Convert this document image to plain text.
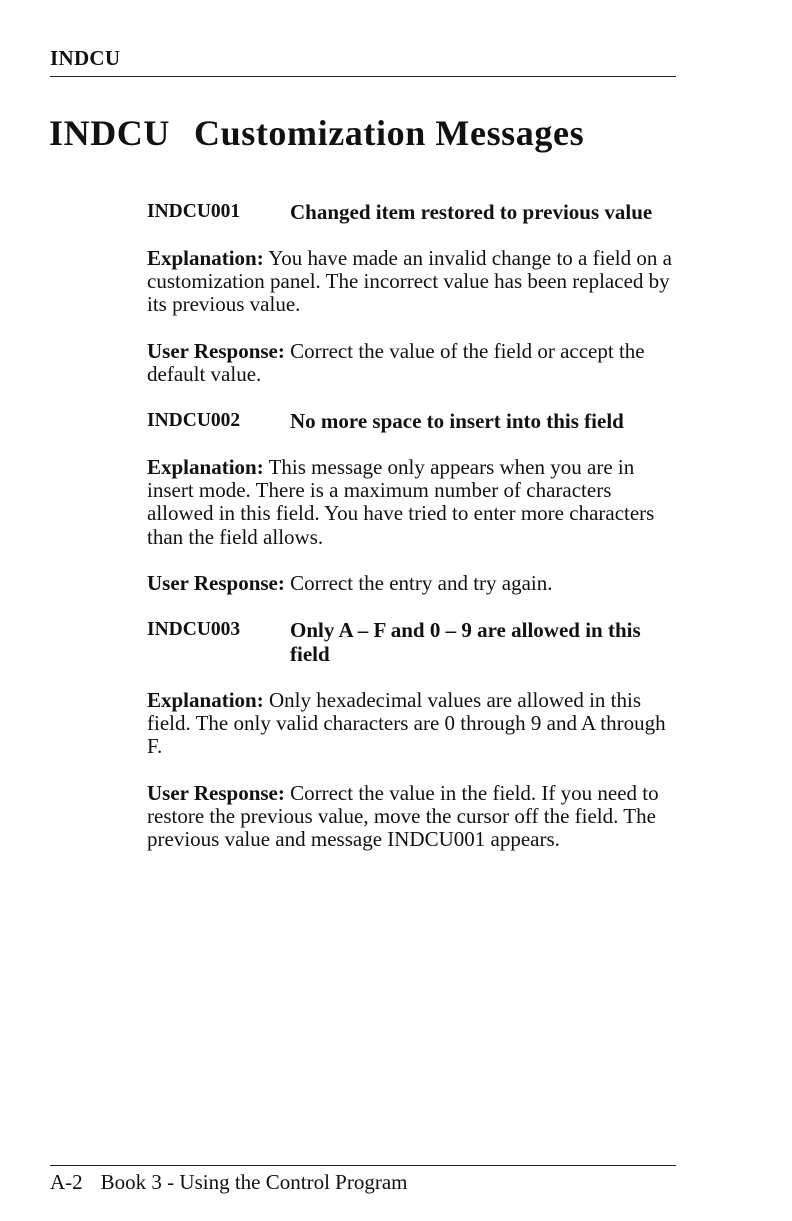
INDCU
INDCU Customization Messages
INDCU001	Changed item restored to previous value

Explanation: You have made an invalid change to a field on a customization panel. The incorrect value has been replaced by its previous value.

User Response: Correct the value of the field or accept the default value.

INDCU002	No more space to insert into this field

Explanation: This message only appears when you are in insert mode. There is a maximum number of characters allowed in this field. You have tried to enter more characters than the field allows.

User Response: Correct the entry and try again.

INDCU003	Only A – F and 0 – 9 are allowed in this field

Explanation: Only hexadecimal values are allowed in this field. The only valid characters are 0 through 9 and A through F.

User Response: Correct the value in the field. If you need to restore the previous value, move the cursor off the field. The previous value and message INDCU001 appears.

A-2 Book 3 - Using the Control Program
